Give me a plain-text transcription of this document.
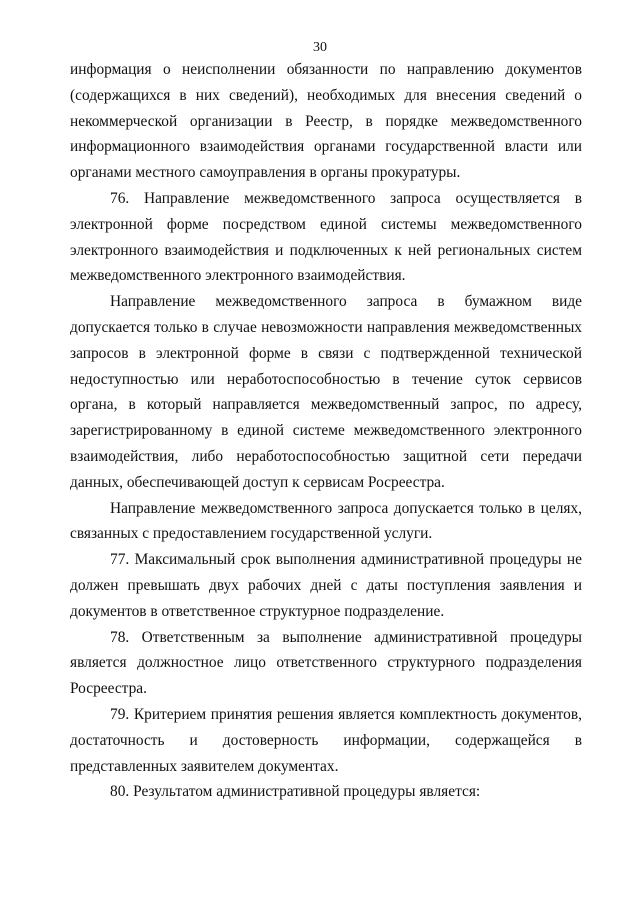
30

информация о неисполнении обязанности по направлению документов (содержащихся в них сведений), необходимых для внесения сведений о некоммерческой организации в Реестр, в порядке межведомственного информационного взаимодействия органами государственной власти или органами местного самоуправления в органы прокуратуры.

76. Направление межведомственного запроса осуществляется в электронной форме посредством единой системы межведомственного электронного взаимодействия и подключенных к ней региональных систем межведомственного электронного взаимодействия.

Направление межведомственного запроса в бумажном виде допускается только в случае невозможности направления межведомственных запросов в электронной форме в связи с подтвержденной технической недоступностью или неработоспособностью в течение суток сервисов органа, в который направляется межведомственный запрос, по адресу, зарегистрированному в единой системе межведомственного электронного взаимодействия, либо неработоспособностью защитной сети передачи данных, обеспечивающей доступ к сервисам Росреестра.

Направление межведомственного запроса допускается только в целях, связанных с предоставлением государственной услуги.

77. Максимальный срок выполнения административной процедуры не должен превышать двух рабочих дней с даты поступления заявления и документов в ответственное структурное подразделение.

78. Ответственным за выполнение административной процедуры является должностное лицо ответственного структурного подразделения Росреестра.

79. Критерием принятия решения является комплектность документов, достаточность и достоверность информации, содержащейся в представленных заявителем документах.

80. Результатом административной процедуры является:
